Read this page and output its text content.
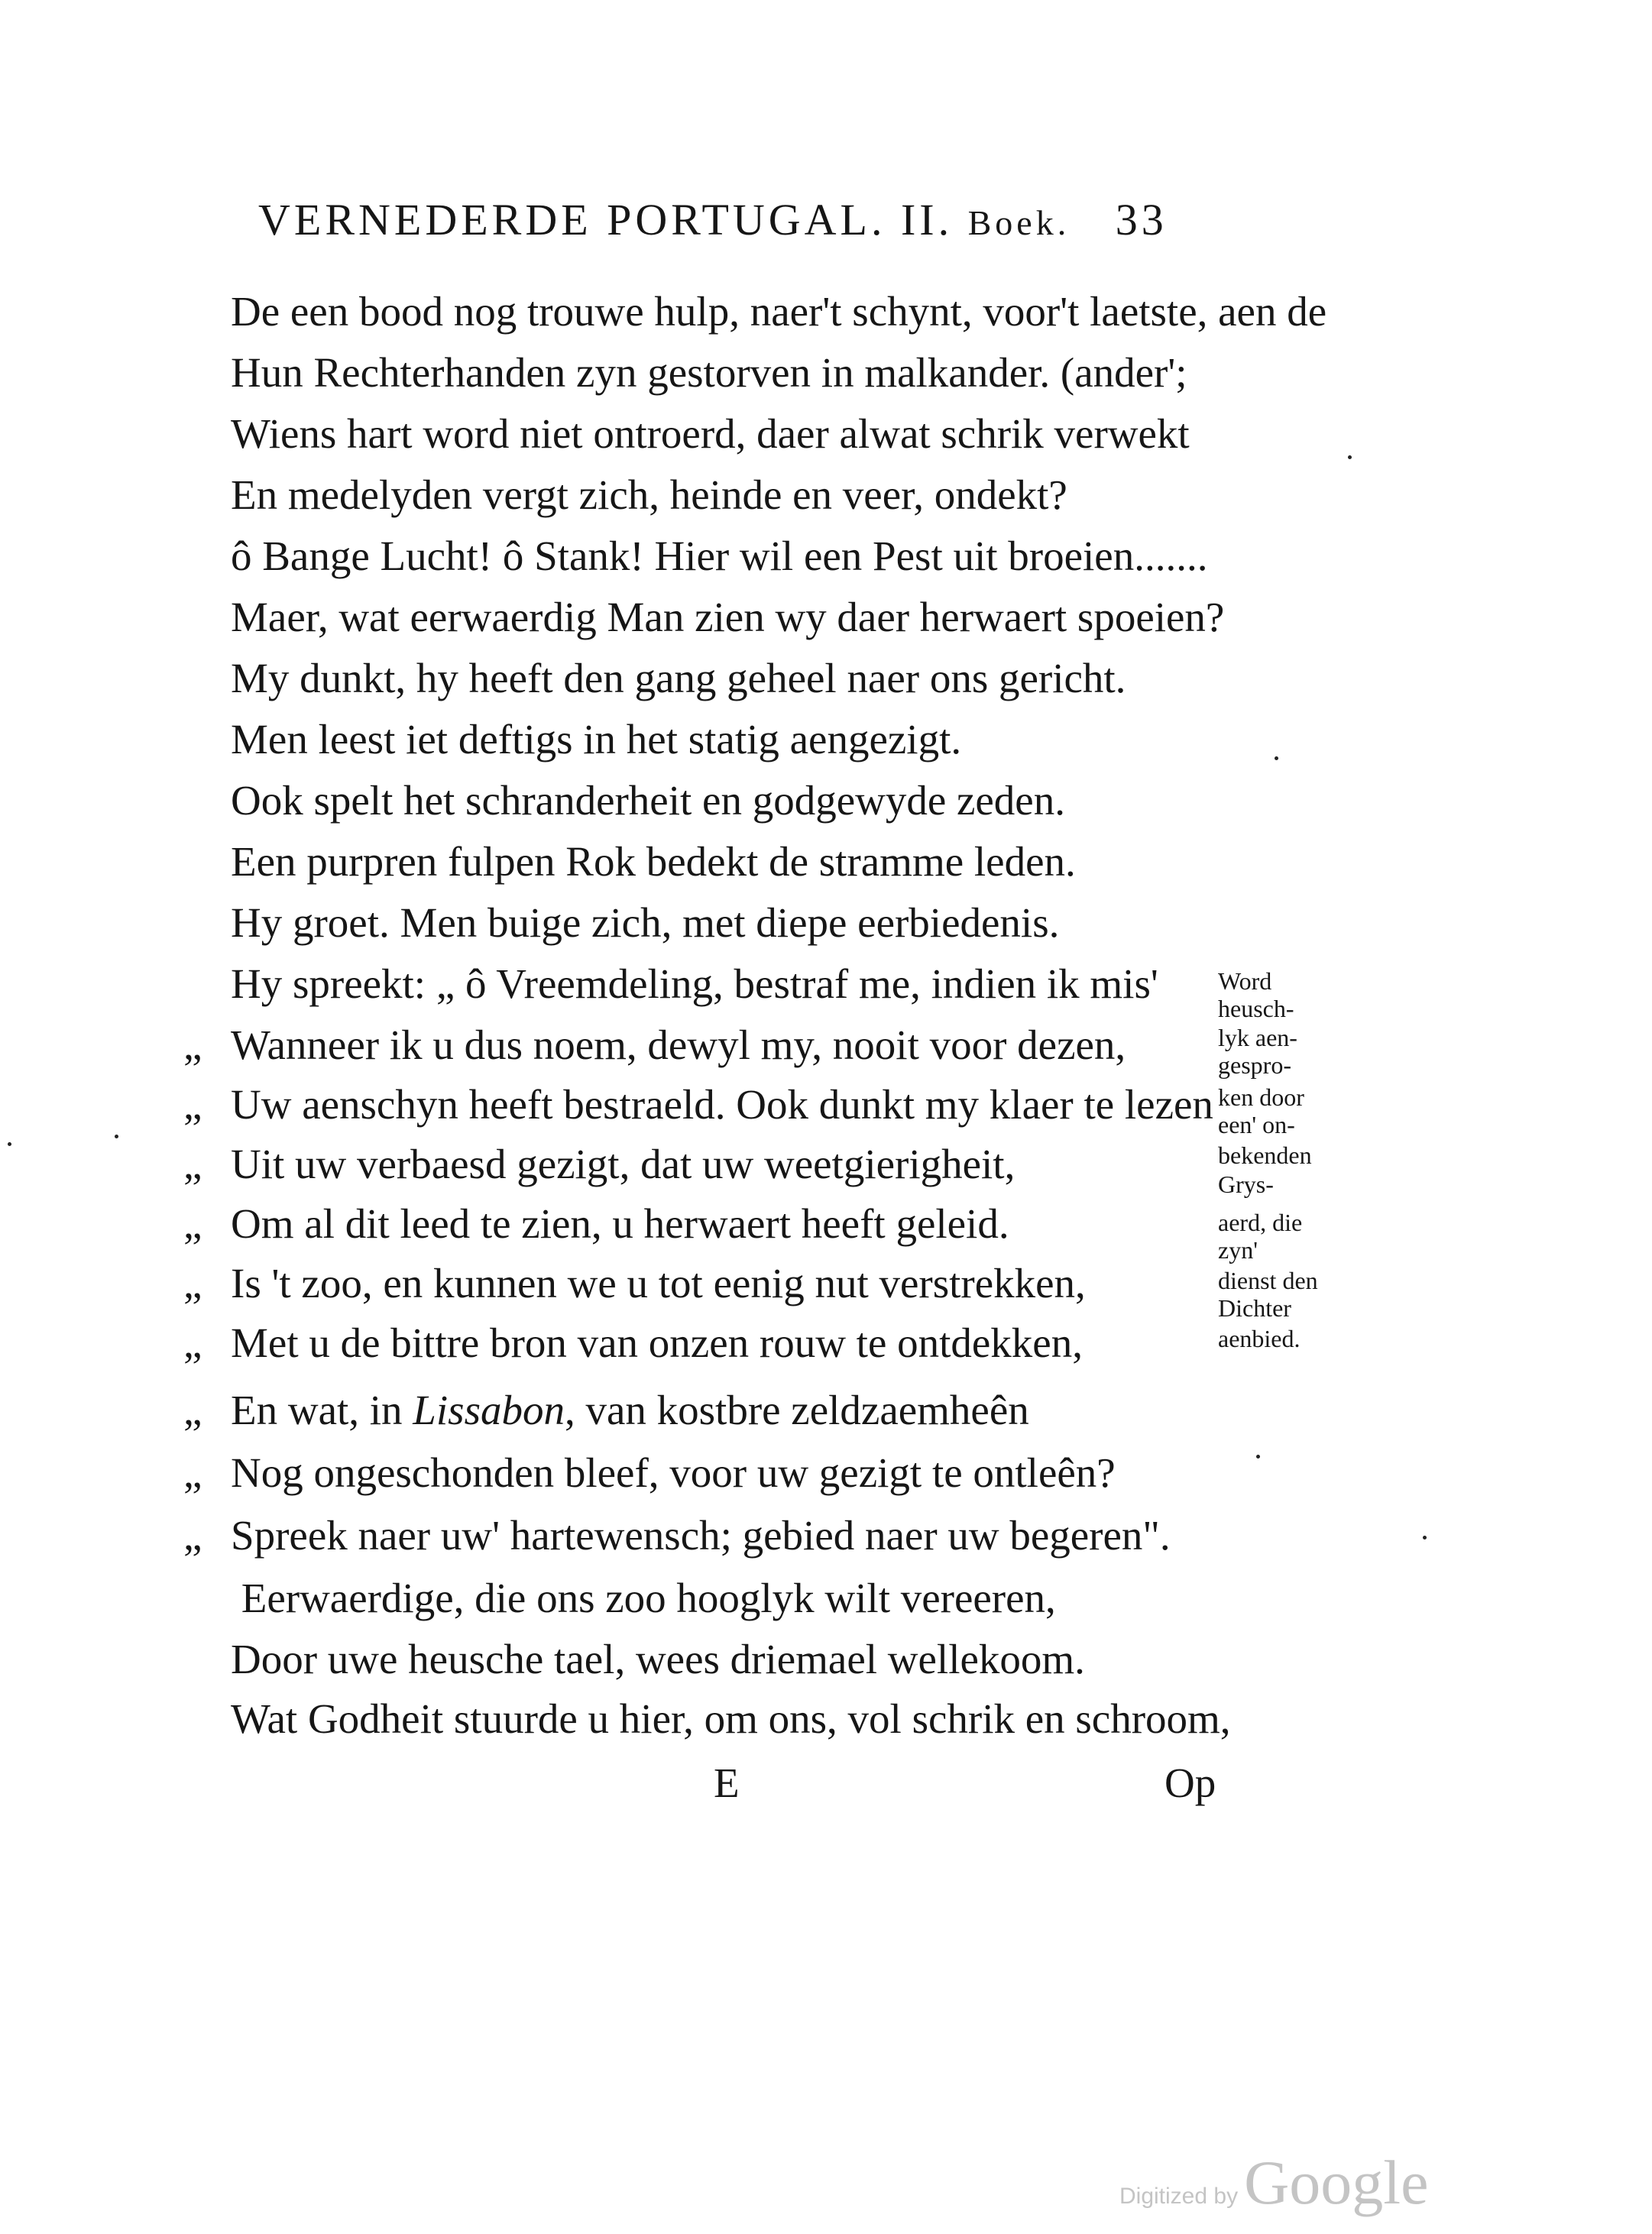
VERNEDERDE PORTUGAL. II. Boek. 33
De een bood nog trouwe hulp, naer't schynt, voor't laetste, aen de
Hun Rechterhanden zyn gestorven in malkander. (ander';
Wiens hart word niet ontroerd, daer alwat schrik verwekt
En medelyden vergt zich, heinde en veer, ondekt?
ô Bange Lucht! ô Stank! Hier wil een Pest uit broeien.......
Maer, wat eerwaerdig Man zien wy daer herwaert spoeien?
My dunkt, hy heeft den gang geheel naer ons gericht.
Men leest iet deftigs in het statig aengezigt.
Ook spelt het schranderheit en godgewyde zeden.
Een purpren fulpen Rok bedekt de stramme leden.
Hy groet. Men buige zich, met diepe eerbiedenis.
Hy spreekt: „ ô Vreemdeling, bestraf me, indien ik mis'
„ Wanneer ik u dus noem, dewyl my, nooit voor dezen,
„ Uw aenschyn heeft bestraeld. Ook dunkt my klaer te lezen
„ Uit uw verbaesd gezigt, dat uw weetgierigheit,
„ Om al dit leed te zien, u herwaert heeft geleid.
„ Is 't zoo, en kunnen we u tot eenig nut verstrekken,
„ Met u de bittre bron van onzen rouw te ontdekken,
„ En wat, in Lissabon, van kostbre zeldzaemheên
„ Nog ongeschonden bleef, voor uw gezigt te ontleên?
„ Spreek naer uw' hartewensch; gebied naer uw begeren".
Eerwaerdige, die ons zoo hooglyk wilt vereeren,
Door uwe heusche tael, wees driemael wellekoom.
Wat Godheit stuurde u hier, om ons, vol schrik en schroom,
Word
heusch-
lyk aen-
gespro-
ken door
een' on-
bekenden
Grys-
aerd, die
zyn'
dienst den
Dichter
aenbied.
E	Op
Digitized byGoogle
